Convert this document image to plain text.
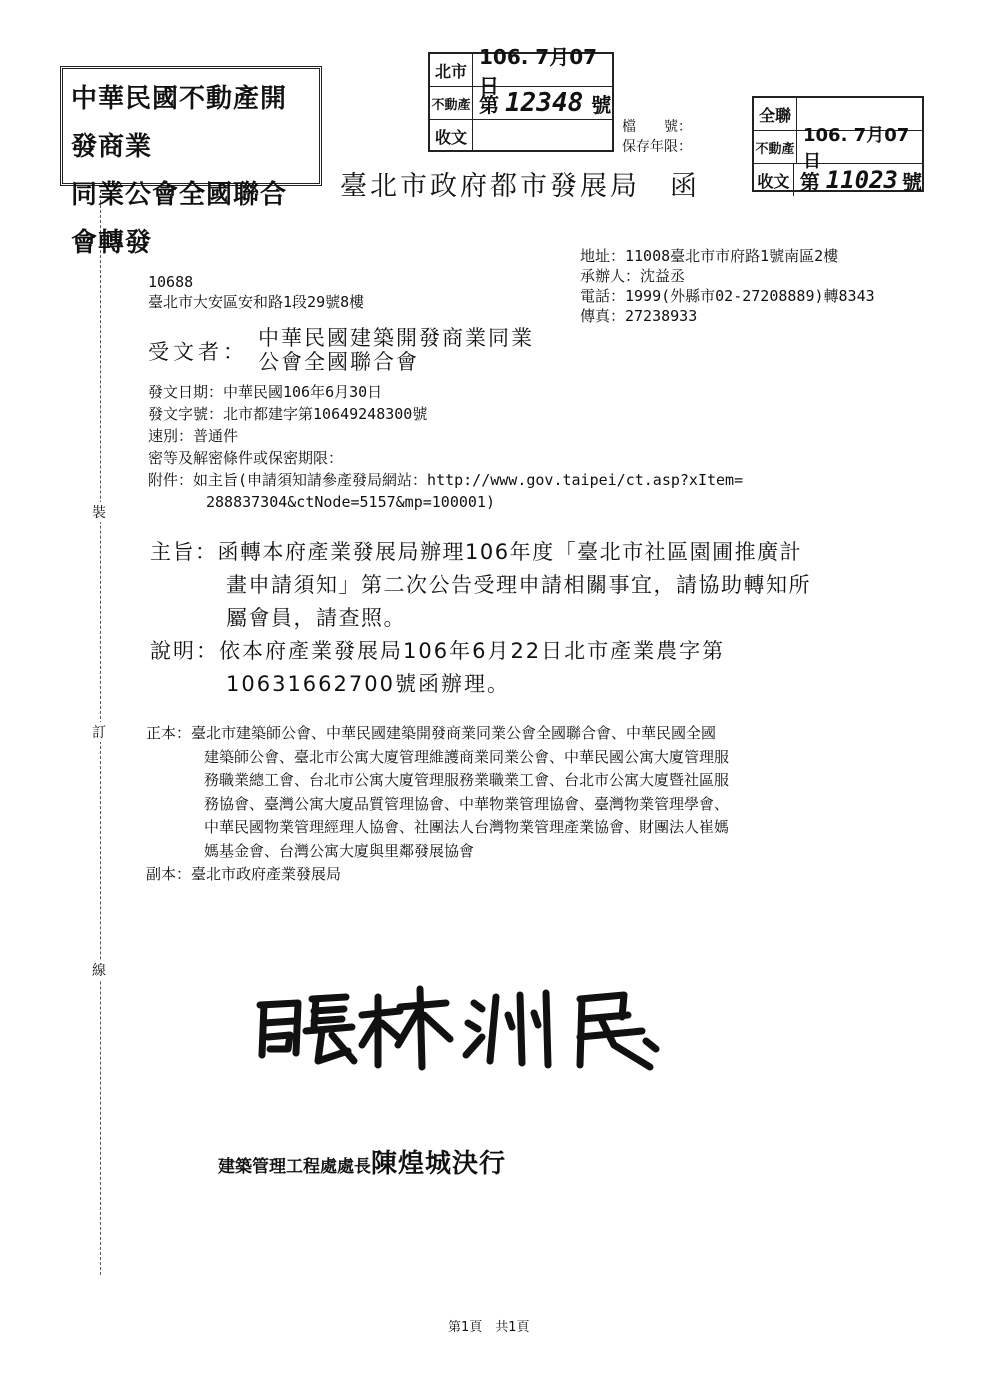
裝
訂
線
中華民國不動產開發商業
同業公會全國聯合會轉發
北市
106. 7月07日
不動產 第 12348 號
收文
檔　　號：
保存年限：
全聯
不動產
106. 7月07日
收文 第 11023 號
臺北市政府都市發展局　函
地址：11008臺北市市府路1號南區2樓
承辦人：沈益丞
電話：1999(外縣市02-27208889)轉8343
傳真：27238933
10688
臺北市大安區安和路1段29號8樓
受文者：
中華民國建築開發商業同業
公會全國聯合會
發文日期：中華民國106年6月30日
發文字號：北市都建字第10649248300號
速別：普通件
密等及解密條件或保密期限：
附件：如主旨(申請須知請參產發局網站：http://www.gov.taipei/ct.asp?xItem=
288837304&ctNode=5157&mp=100001)
主旨：函轉本府產業發展局辦理106年度「臺北市社區園圃推廣計
畫申請須知」第二次公告受理申請相關事宜，請協助轉知所
屬會員，請查照。
說明：依本府產業發展局106年6月22日北市產業農字第
10631662700號函辦理。
正本：臺北市建築師公會、中華民國建築開發商業同業公會全國聯合會、中華民國全國
建築師公會、臺北市公寓大廈管理維護商業同業公會、中華民國公寓大廈管理服
務職業總工會、台北市公寓大廈管理服務業職業工會、台北市公寓大廈暨社區服
務協會、臺灣公寓大廈品質管理協會、中華物業管理協會、臺灣物業管理學會、
中華民國物業管理經理人協會、社團法人台灣物業管理產業協會、財團法人崔媽
媽基金會、台灣公寓大廈與里鄰發展協會
副本：臺北市政府產業發展局
建築管理工程處處長陳煌城決行
第1頁　共1頁
